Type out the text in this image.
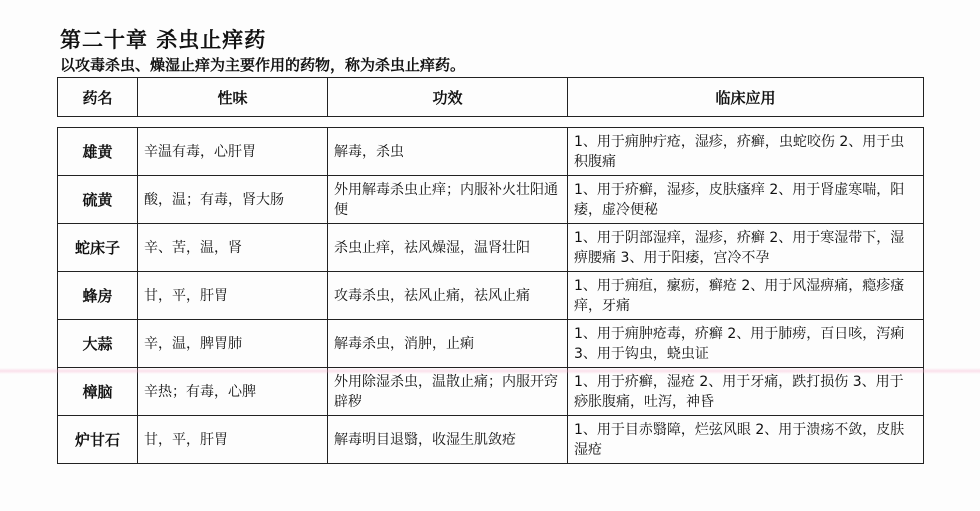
第二十章 杀虫止痒药
以攻毒杀虫、燥湿止痒为主要作用的药物，称为杀虫止痒药。
药名	性味	功效	临床应用
雄黄	辛温有毒，心肝胃	解毒，杀虫	1、用于痈肿疔疮，湿疹，疥癣，虫蛇咬伤 2、用于虫积腹痛
硫黄	酸，温；有毒，肾大肠	外用解毒杀虫止痒；内服补火壮阳通便	1、用于疥癣，湿疹，皮肤瘙痒 2、用于肾虚寒喘，阳痿，虚冷便秘
蛇床子	辛、苦，温，肾	杀虫止痒，祛风燥湿，温肾壮阳	1、用于阴部湿痒，湿疹，疥癣 2、用于寒湿带下，湿痹腰痛 3、用于阳痿，宫冷不孕
蜂房	甘，平，肝胃	攻毒杀虫，祛风止痛，祛风止痛	1、用于痈疽，瘰疬，癣疮 2、用于风湿痹痛，瘾疹瘙痒，牙痛
大蒜	辛，温，脾胃肺	解毒杀虫，消肿，止痢	1、用于痈肿疮毒，疥癣 2、用于肺痨，百日咳，泻痢 3、用于钩虫，蛲虫证
樟脑	辛热；有毒，心脾	外用除湿杀虫，温散止痛；内服开窍辟秽	1、用于疥癣，湿疮 2、用于牙痛，跌打损伤 3、用于痧胀腹痛，吐泻，神昏
炉甘石	甘，平，肝胃	解毒明目退翳，收湿生肌敛疮	1、用于目赤翳障，烂弦风眼 2、用于溃疡不敛，皮肤湿疮
